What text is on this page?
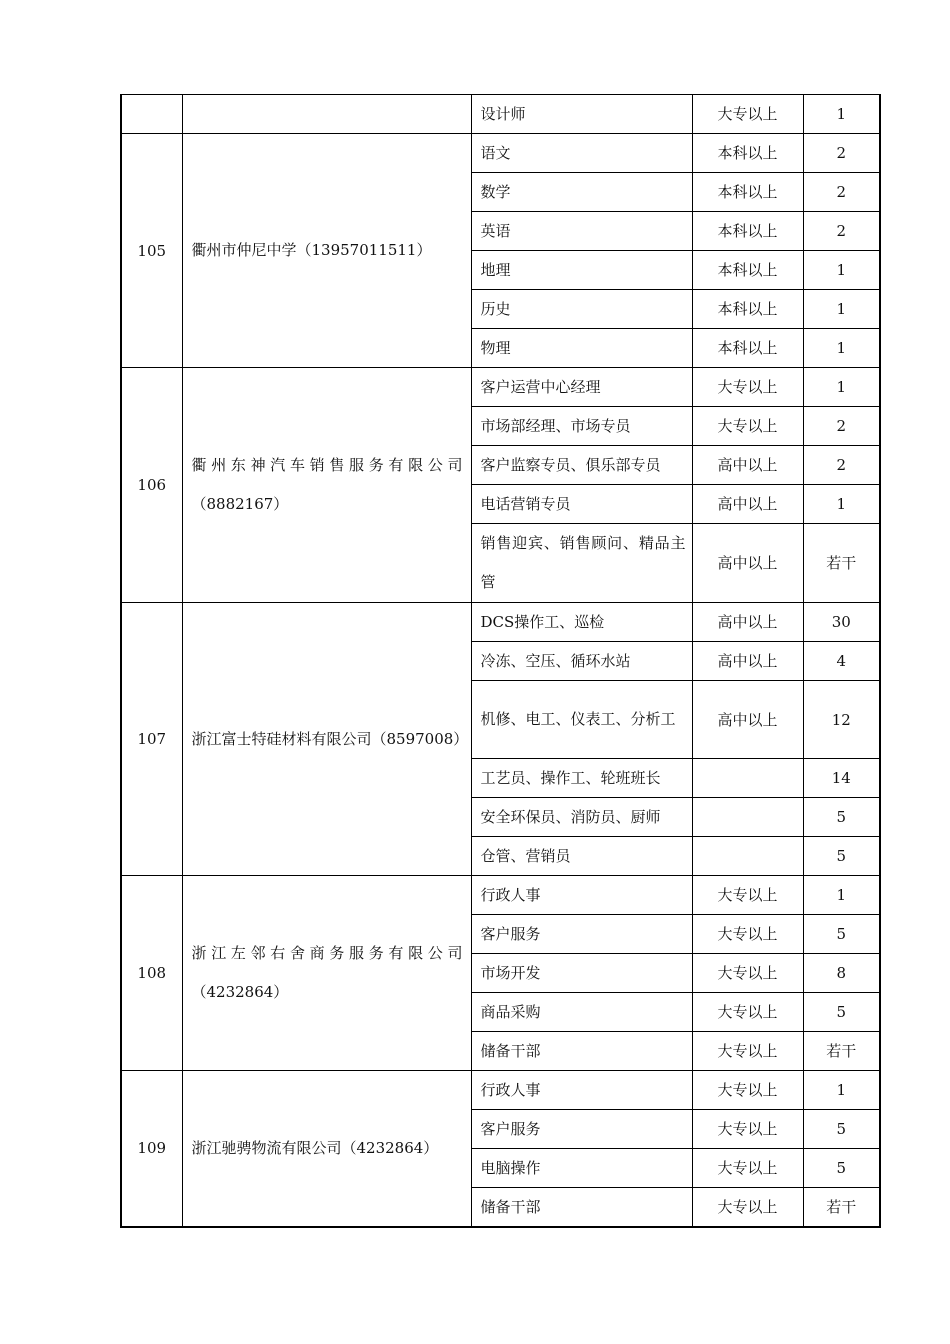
	设计师	大专以上	1
105	衢州市仲尼中学（13957011511）	语文	本科以上	2
		数学	本科以上	2
		英语	本科以上	2
		地理	本科以上	1
		历史	本科以上	1
		物理	本科以上	1
106	衢州东神汽车销售服务有限公司（8882167）	客户运营中心经理	大专以上	1
		市场部经理、市场专员	大专以上	2
		客户监察专员、俱乐部专员	高中以上	2
		电话营销专员	高中以上	1

		销售迎宾、销售顾问、精品主管	高中以上	若干
107	浙江富士特硅材料有限公司（8597008）	DCS操作工、巡检	高中以上	30
		冷冻、空压、循环水站	高中以上	4

		机修、电工、仪表工、分析工	高中以上	12
		工艺员、操作工、轮班班长		14
		安全环保员、消防员、厨师		5
		仓管、营销员		5
108	浙江左邻右舍商务服务有限公司（4232864）	行政人事	大专以上	1
		客户服务	大专以上	5
		市场开发	大专以上	8
		商品采购	大专以上	5
		储备干部	大专以上	若干
109	浙江驰骋物流有限公司（4232864）	行政人事	大专以上	1
		客户服务	大专以上	5
		电脑操作	大专以上	5
		储备干部	大专以上	若干
